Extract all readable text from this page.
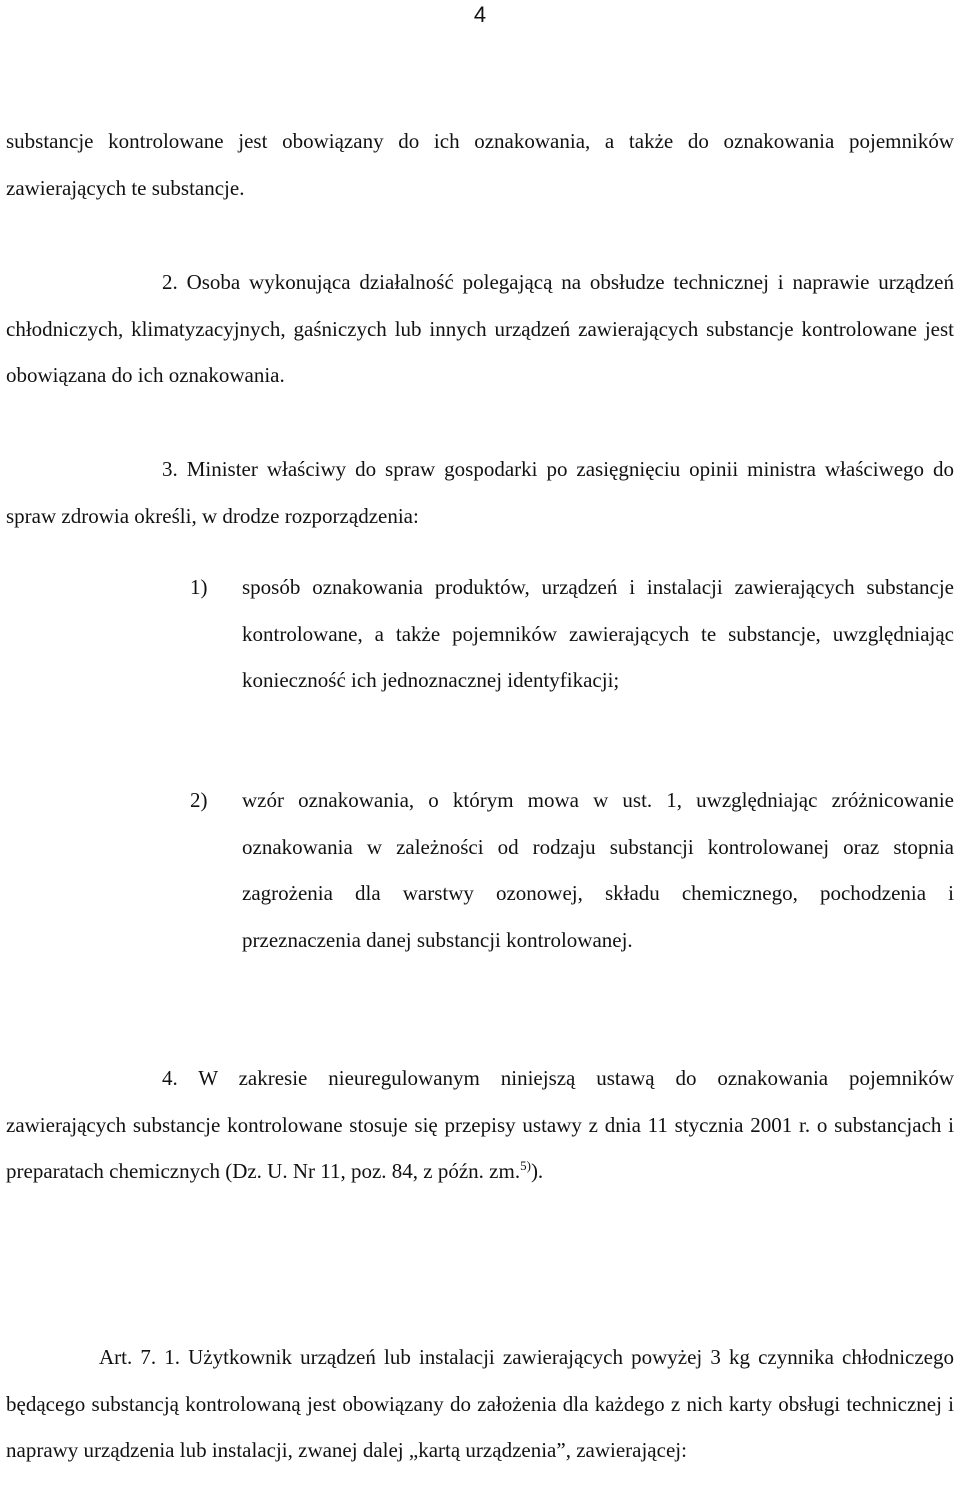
4

substancje kontrolowane jest obowiązany do ich oznakowania, a także do oznakowania pojemników zawierających te substancje.

2. Osoba wykonująca działalność polegającą na obsłudze technicznej i naprawie urządzeń chłodniczych, klimatyzacyjnych, gaśniczych lub innych urządzeń zawierających substancje kontrolowane jest obowiązana do ich oznakowania.

3. Minister właściwy do spraw gospodarki po zasięgnięciu opinii ministra właściwego do spraw zdrowia określi, w drodze rozporządzenia:

1) sposób oznakowania produktów, urządzeń i instalacji zawierających substancje kontrolowane, a także pojemników zawierających te substancje, uwzględniając konieczność ich jednoznacznej identyfikacji;
2) wzór oznakowania, o którym mowa w ust. 1, uwzględniając zróżnicowanie oznakowania w zależności od rodzaju substancji kontrolowanej oraz stopnia zagrożenia dla warstwy ozonowej, składu chemicznego, pochodzenia i przeznaczenia danej substancji kontrolowanej.

4. W zakresie nieuregulowanym niniejszą ustawą do oznakowania pojemników zawierających substancje kontrolowane stosuje się przepisy ustawy z dnia 11 stycznia 2001 r. o substancjach i preparatach chemicznych (Dz. U. Nr 11, poz. 84, z późn. zm.$^{5)}$).

Art. 7. 1. Użytkownik urządzeń lub instalacji zawierających powyżej 3 kg czynnika chłodniczego będącego substancją kontrolowaną jest obowiązany do założenia dla każdego z nich karty obsługi technicznej i naprawy urządzenia lub instalacji, zwanej dalej „kartą urządzenia”, zawierającej:
